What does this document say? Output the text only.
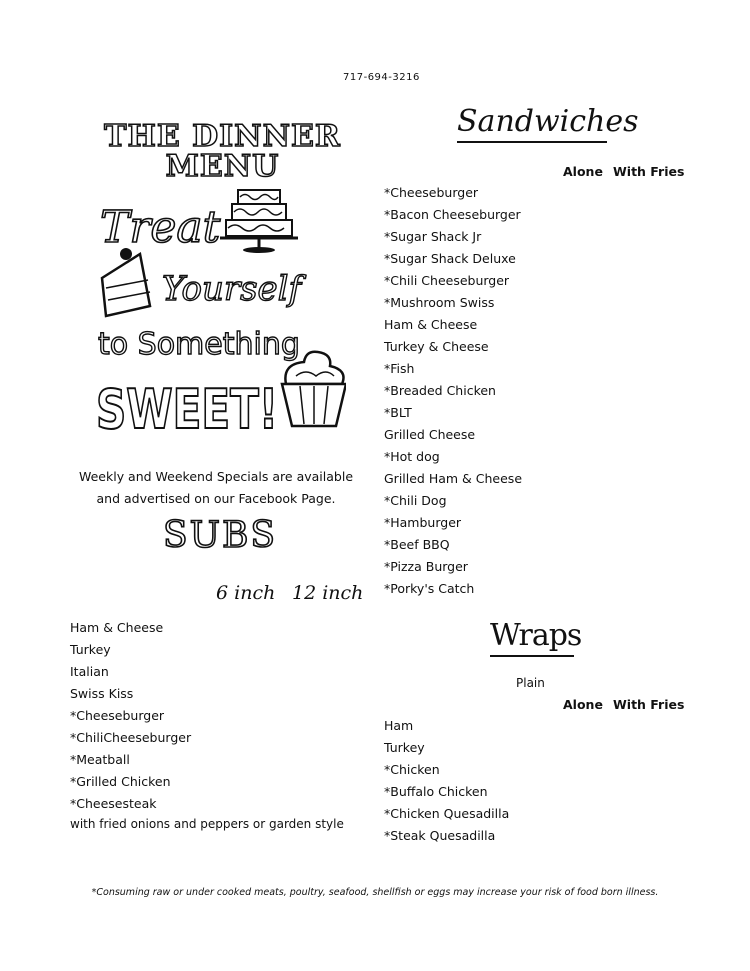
717-694-3216
THE DINNER
MENU
Treat
Yourself
to Something
SWEET!
Weekly and Weekend Specials are available
and advertised on our Facebook Page.
SUBS
6 inch 12 inch
Ham & Cheese
Turkey
Italian
Swiss Kiss
*Cheeseburger
*ChiliCheeseburger
*Meatball
*Grilled Chicken
*Cheesesteak
with fried onions and peppers or garden style
Sandwiches
Alone With Fries
*Cheeseburger
*Bacon Cheeseburger
*Sugar Shack Jr
*Sugar Shack Deluxe
*Chili Cheeseburger
*Mushroom Swiss
Ham & Cheese
Turkey & Cheese
*Fish
*Breaded Chicken
*BLT
Grilled Cheese
*Hot dog
Grilled Ham & Cheese
*Chili Dog
*Hamburger
*Beef BBQ
*Pizza Burger
*Porky's Catch
Wraps
Plain
Alone With Fries
Ham
Turkey
*Chicken
*Buffalo Chicken
*Chicken Quesadilla
*Steak Quesadilla
*Consuming raw or under cooked meats, poultry, seafood, shellfish or eggs may increase your risk of food born illness.
